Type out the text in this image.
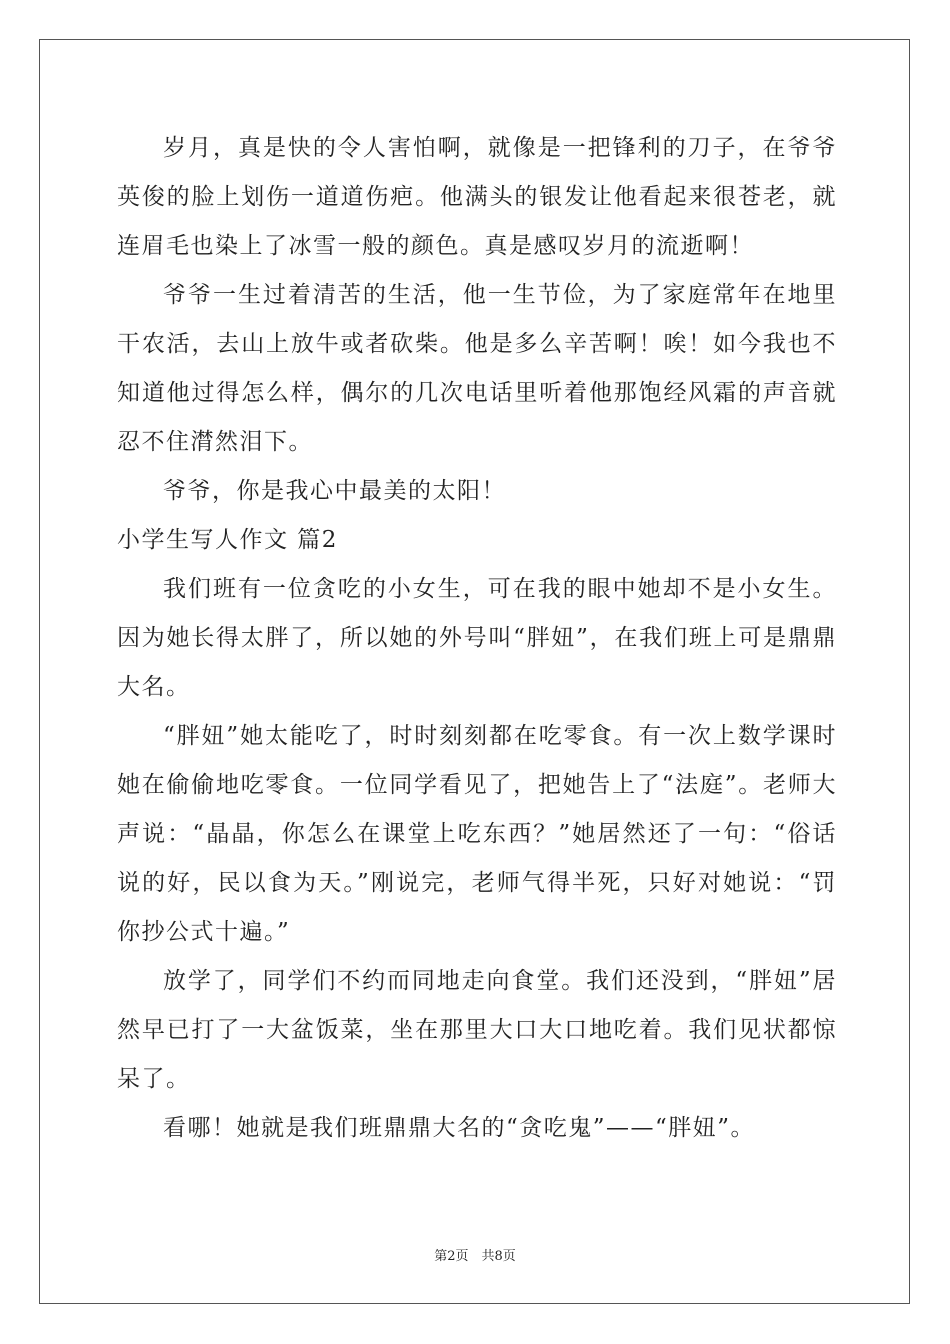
岁月，真是快的令人害怕啊，就像是一把锋利的刀子，在爷爷英俊的脸上划伤一道道伤疤。他满头的银发让他看起来很苍老，就连眉毛也染上了冰雪一般的颜色。真是感叹岁月的流逝啊！

爷爷一生过着清苦的生活，他一生节俭，为了家庭常年在地里干农活，去山上放牛或者砍柴。他是多么辛苦啊！唉！如今我也不知道他过得怎么样，偶尔的几次电话里听着他那饱经风霜的声音就忍不住潸然泪下。

爷爷，你是我心中最美的太阳！

小学生写人作文 篇2

我们班有一位贪吃的小女生，可在我的眼中她却不是小女生。因为她长得太胖了，所以她的外号叫“胖妞”，在我们班上可是鼎鼎大名。

“胖妞”她太能吃了，时时刻刻都在吃零食。有一次上数学课时她在偷偷地吃零食。一位同学看见了，把她告上了“法庭”。老师大声说：“晶晶，你怎么在课堂上吃东西？”她居然还了一句：“俗话说的好，民以食为天。”刚说完，老师气得半死，只好对她说：“罚你抄公式十遍。”

放学了，同学们不约而同地走向食堂。我们还没到，“胖妞”居然早已打了一大盆饭菜，坐在那里大口大口地吃着。我们见状都惊呆了。

看哪！她就是我们班鼎鼎大名的“贪吃鬼”——“胖妞”。

第2页　共8页
